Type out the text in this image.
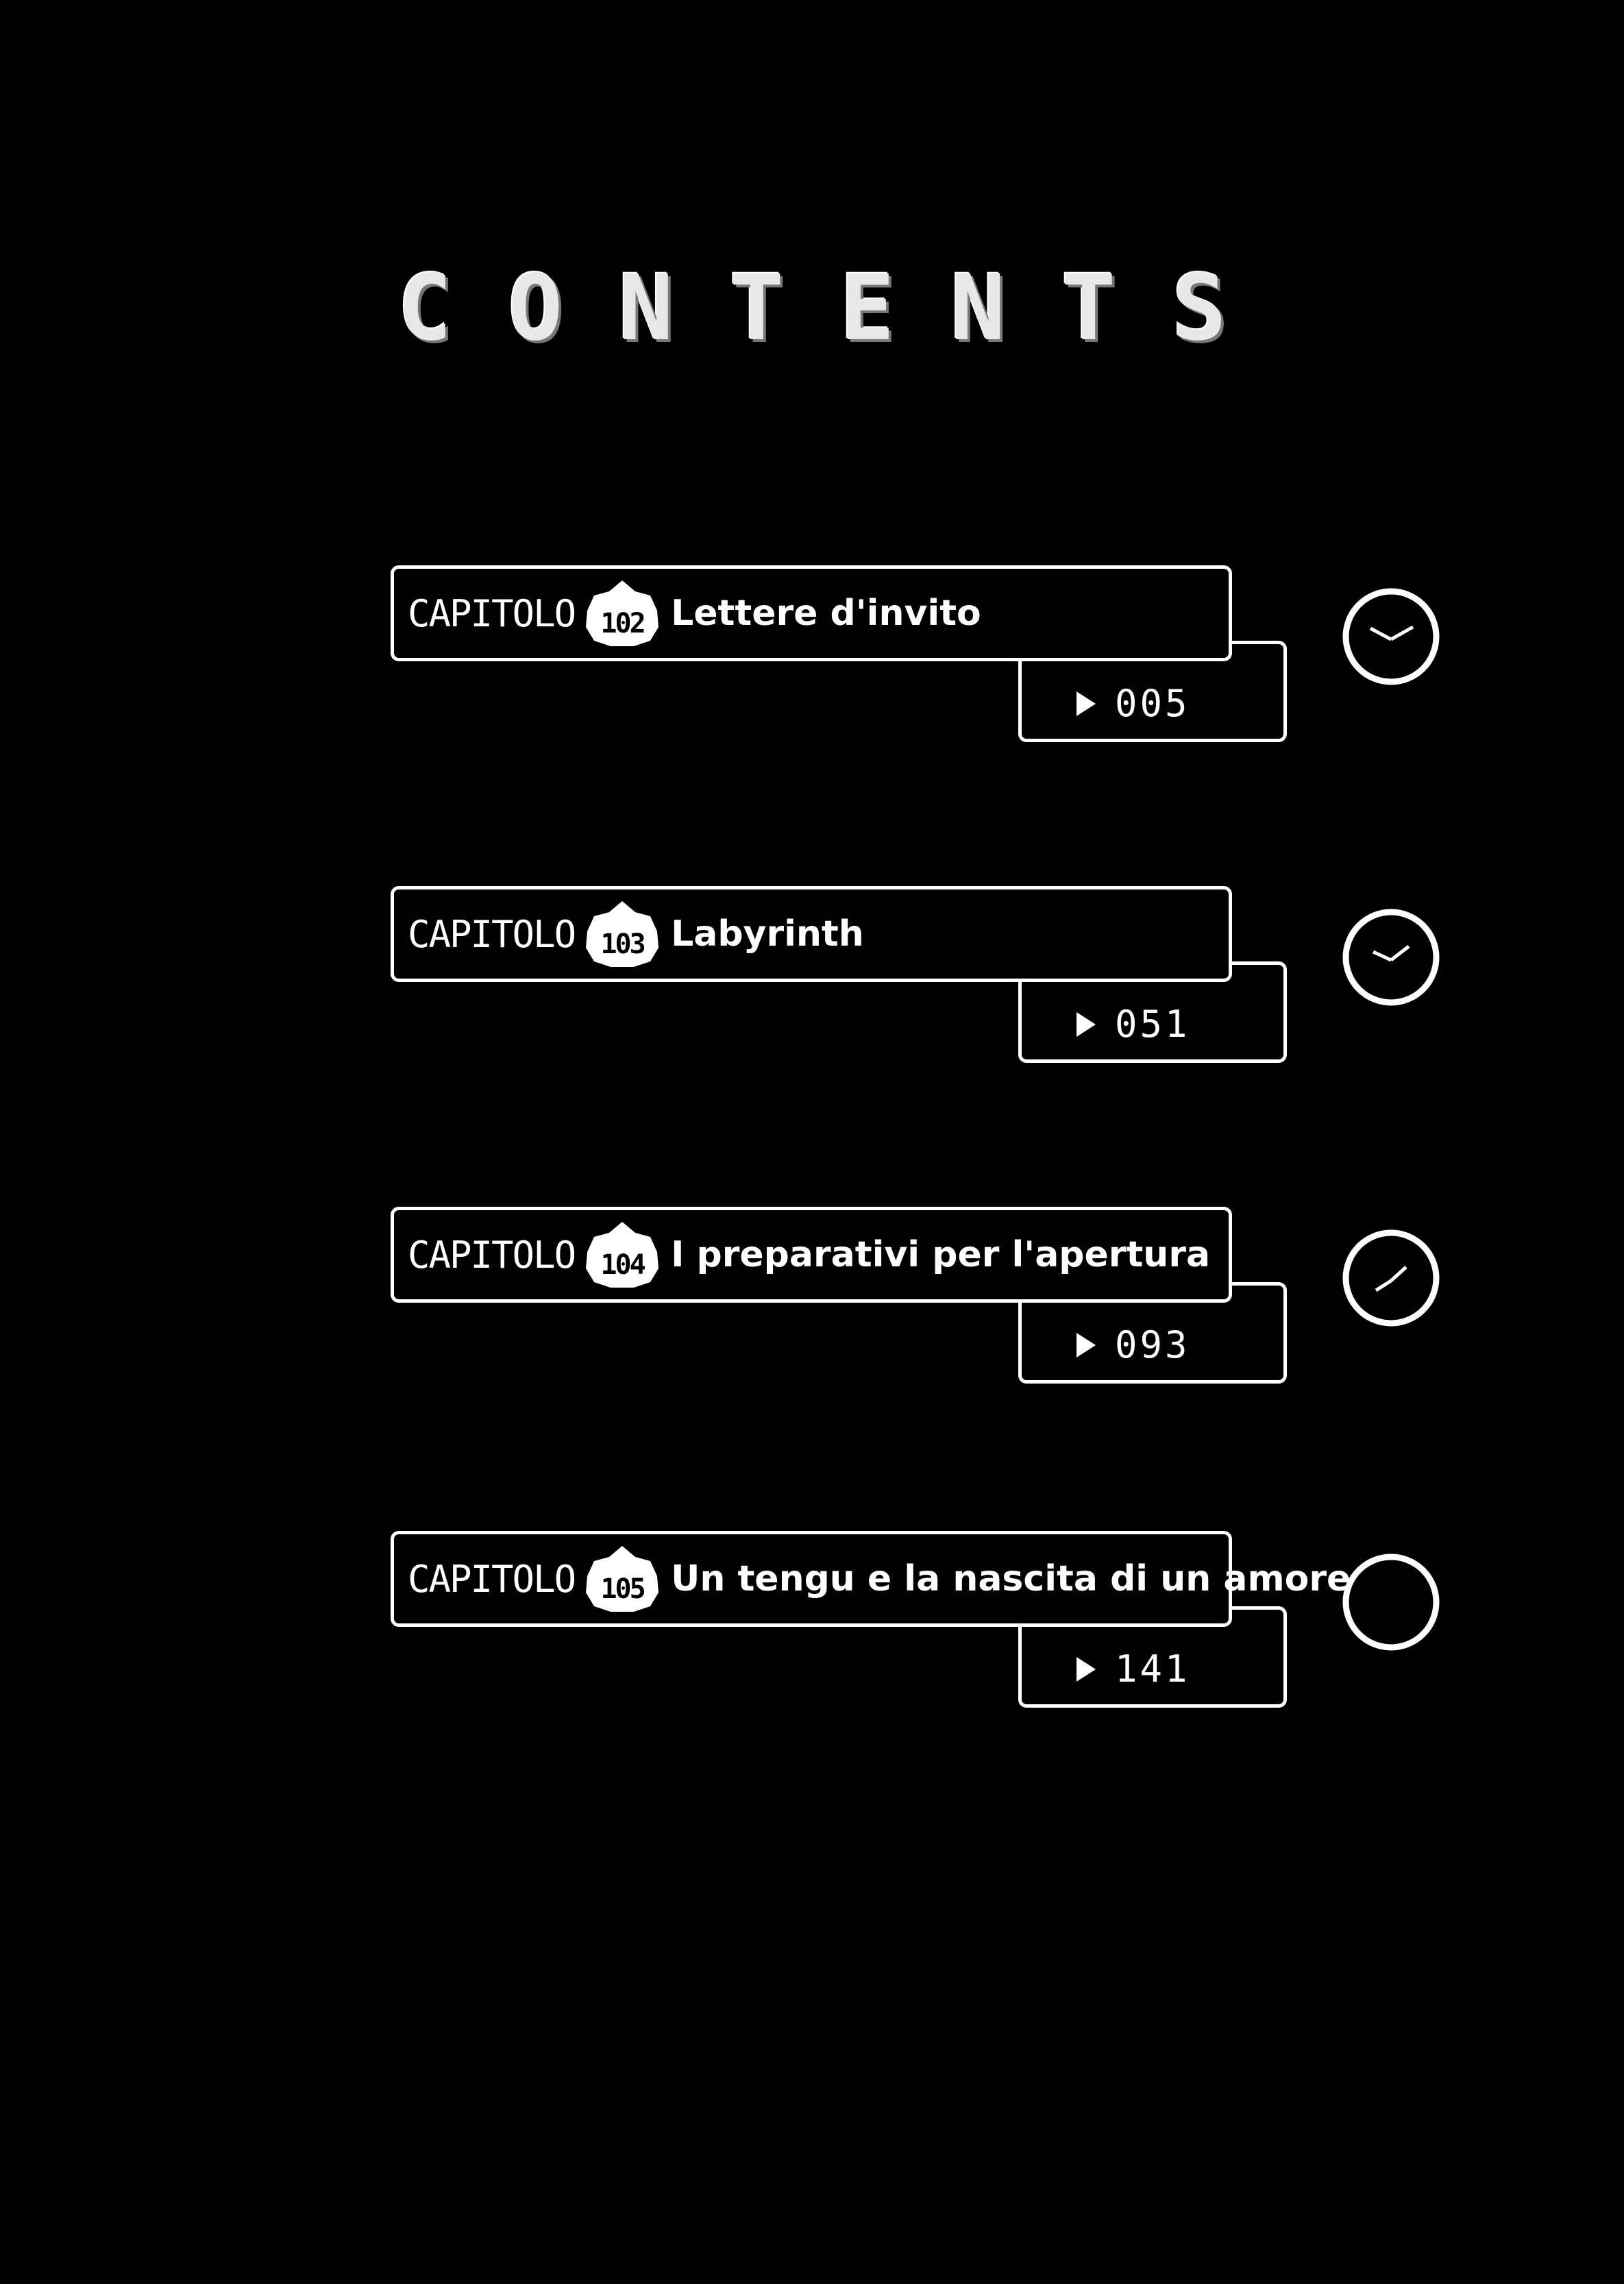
CONTENTS
CAPITOLO 102 Lettere d'invito
005
CAPITOLO 103 Labyrinth
051
CAPITOLO 104 I preparativi per l'apertura
093
CAPITOLO 105 Un tengu e la nascita di un amore
141
